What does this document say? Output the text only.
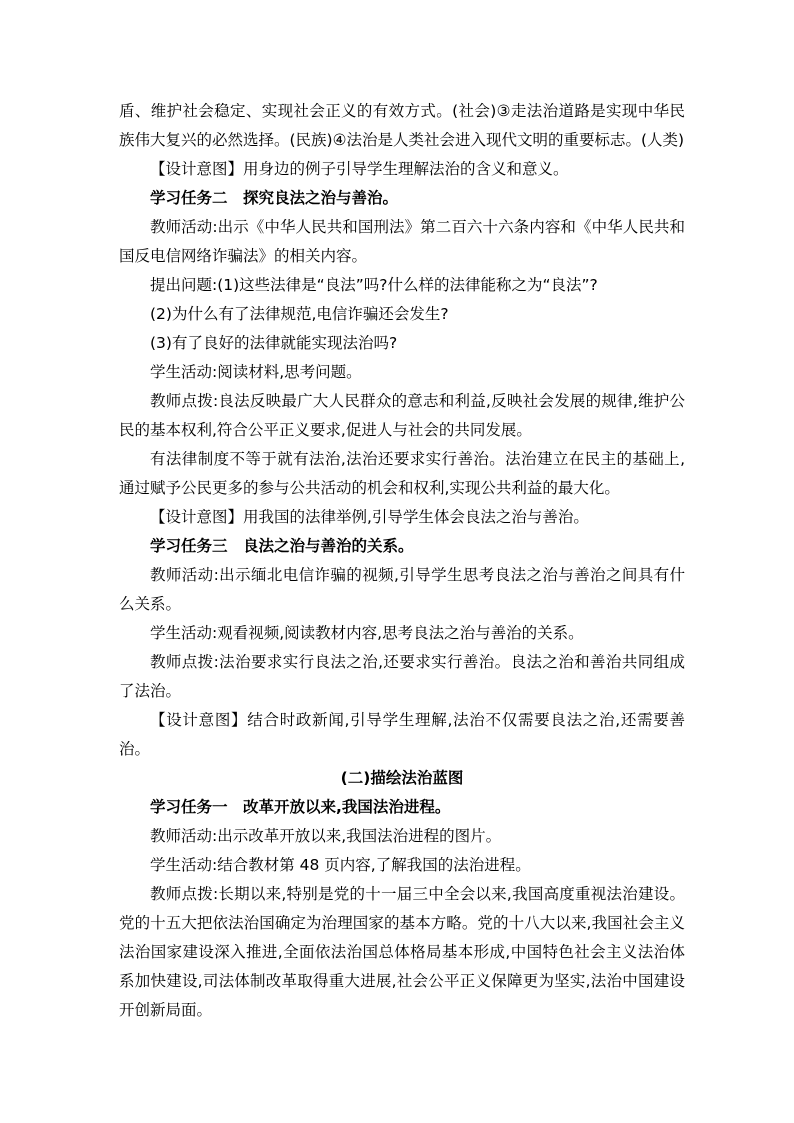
盾、维护社会稳定、实现社会正义的有效方式。(社会)③走法治道路是实现中华民族伟大复兴的必然选择。(民族)④法治是人类社会进入现代文明的重要标志。(人类)

【设计意图】用身边的例子引导学生理解法治的含义和意义。

学习任务二　探究良法之治与善治。

教师活动:出示《中华人民共和国刑法》第二百六十六条内容和《中华人民共和国反电信网络诈骗法》的相关内容。

提出问题:(1)这些法律是“良法”吗?什么样的法律能称之为“良法”?

(2)为什么有了法律规范,电信诈骗还会发生?

(3)有了良好的法律就能实现法治吗?

学生活动:阅读材料,思考问题。

教师点拨:良法反映最广大人民群众的意志和利益,反映社会发展的规律,维护公民的基本权利,符合公平正义要求,促进人与社会的共同发展。

有法律制度不等于就有法治,法治还要求实行善治。法治建立在民主的基础上,通过赋予公民更多的参与公共活动的机会和权利,实现公共利益的最大化。

【设计意图】用我国的法律举例,引导学生体会良法之治与善治。

学习任务三　良法之治与善治的关系。

教师活动:出示缅北电信诈骗的视频,引导学生思考良法之治与善治之间具有什么关系。

学生活动:观看视频,阅读教材内容,思考良法之治与善治的关系。

教师点拨:法治要求实行良法之治,还要求实行善治。良法之治和善治共同组成了法治。

【设计意图】结合时政新闻,引导学生理解,法治不仅需要良法之治,还需要善治。

(二)描绘法治蓝图

学习任务一　改革开放以来,我国法治进程。

教师活动:出示改革开放以来,我国法治进程的图片。

学生活动:结合教材第 48 页内容,了解我国的法治进程。

教师点拨:长期以来,特别是党的十一届三中全会以来,我国高度重视法治建设。党的十五大把依法治国确定为治理国家的基本方略。党的十八大以来,我国社会主义法治国家建设深入推进,全面依法治国总体格局基本形成,中国特色社会主义法治体系加快建设,司法体制改革取得重大进展,社会公平正义保障更为坚实,法治中国建设开创新局面。
